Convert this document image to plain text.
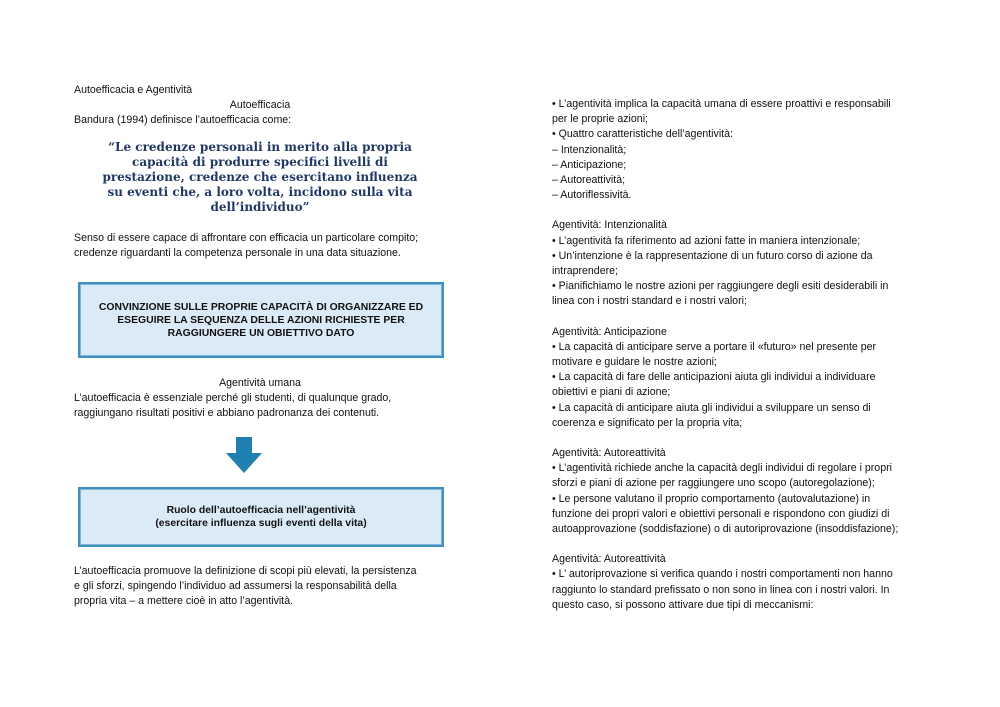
Autoefficacia e Agentività
Autoefficacia
Bandura (1994) definisce l’autoefficacia come:
“Le credenze personali in merito alla propria
capacità di produrre specifici livelli di
prestazione, credenze che esercitano influenza
su eventi che, a loro volta, incidono sulla vita
dell’individuo”
Senso di essere capace di affrontare con efficacia un particolare compito;
credenze riguardanti la competenza personale in una data situazione.
CONVINZIONE SULLE PROPRIE CAPACITÀ DI ORGANIZZARE ED
ESEGUIRE LA SEQUENZA DELLE AZIONI RICHIESTE PER
RAGGIUNGERE UN OBIETTIVO DATO
Agentività umana
L’autoefficacia è essenziale perché gli studenti, di qualunque grado,
raggiungano risultati positivi e abbiano padronanza dei contenuti.
Ruolo dell’autoefficacia nell’agentività
(esercitare influenza sugli eventi della vita)
L’autoefficacia promuove la definizione di scopi più elevati, la persistenza
e gli sforzi, spingendo l’individuo ad assumersi la responsabilità della
propria vita – a mettere cioè in atto l’agentività.
• L’agentività implica la capacità umana di essere proattivi e responsabili
per le proprie azioni;
• Quattro caratteristiche dell’agentività:
– Intenzionalità;
– Anticipazione;
– Autoreattività;
– Autoriflessività.
Agentività: Intenzionalità
• L’agentività fa riferimento ad azioni fatte in maniera intenzionale;
• Un’intenzione è la rappresentazione di un futuro corso di azione da
intraprendere;
• Pianifichiamo le nostre azioni per raggiungere degli esiti desiderabili in
linea con i nostri standard e i nostri valori;
Agentività: Anticipazione
• La capacità di anticipare serve a portare il «futuro» nel presente per
motivare e guidare le nostre azioni;
• La capacità di fare delle anticipazioni aiuta gli individui a individuare
obiettivi e piani di azione;
• La capacità di anticipare aiuta gli individui a sviluppare un senso di
coerenza e significato per la propria vita;
Agentività: Autoreattività
• L’agentività richiede anche la capacità degli individui di regolare i propri
sforzi e piani di azione per raggiungere uno scopo (autoregolazione);
• Le persone valutano il proprio comportamento (autovalutazione) in
funzione dei propri valori e obiettivi personali e rispondono con giudizi di
autoapprovazione (soddisfazione) o di autoriprovazione (insoddisfazione);
Agentività: Autoreattività
• L’ autoriprovazione si verifica quando i nostri comportamenti non hanno
raggiunto lo standard prefissato o non sono in linea con i nostri valori. In
questo caso, si possono attivare due tipi di meccanismi:
